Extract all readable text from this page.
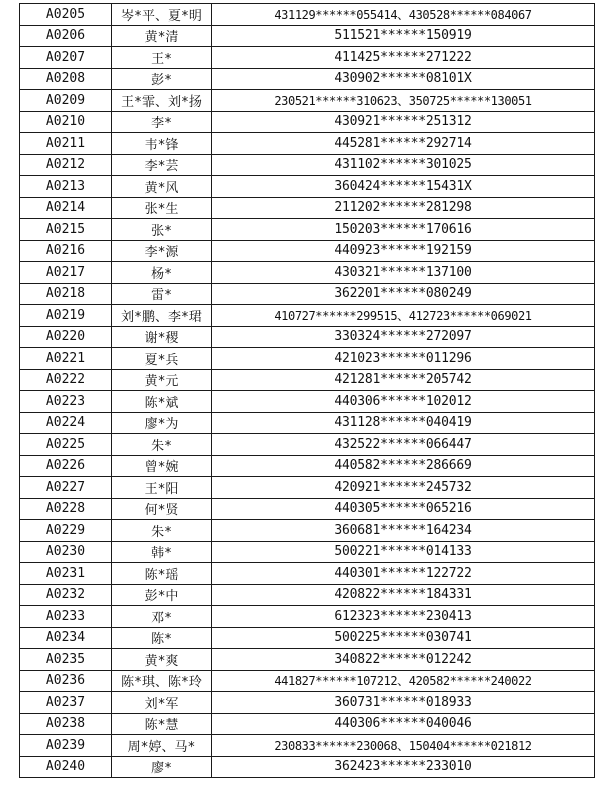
A0205	岑*平、夏*明	431129******055414、430528******084067
A0206	黄*清	511521******150919
A0207	王*	411425******271222
A0208	彭*	430902******08101X
A0209	王*霏、刘*扬	230521******310623、350725******130051
A0210	李*	430921******251312
A0211	韦*锋	445281******292714
A0212	李*芸	431102******301025
A0213	黄*风	360424******15431X
A0214	张*生	211202******281298
A0215	张*	150203******170616
A0216	李*源	440923******192159
A0217	杨*	430321******137100
A0218	雷*	362201******080249
A0219	刘*鹏、李*珺	410727******299515、412723******069021
A0220	谢*稷	330324******272097
A0221	夏*兵	421023******011296
A0222	黄*元	421281******205742
A0223	陈*斌	440306******102012
A0224	廖*为	431128******040419
A0225	朱*	432522******066447
A0226	曾*婉	440582******286669
A0227	王*阳	420921******245732
A0228	何*贤	440305******065216
A0229	朱*	360681******164234
A0230	韩*	500221******014133
A0231	陈*瑶	440301******122722
A0232	彭*中	420822******184331
A0233	邓*	612323******230413
A0234	陈*	500225******030741
A0235	黄*爽	340822******012242
A0236	陈*琪、陈*玲	441827******107212、420582******240022
A0237	刘*军	360731******018933
A0238	陈*慧	440306******040046
A0239	周*婷、马*	230833******230068、150404******021812
A0240	廖*	362423******233010
